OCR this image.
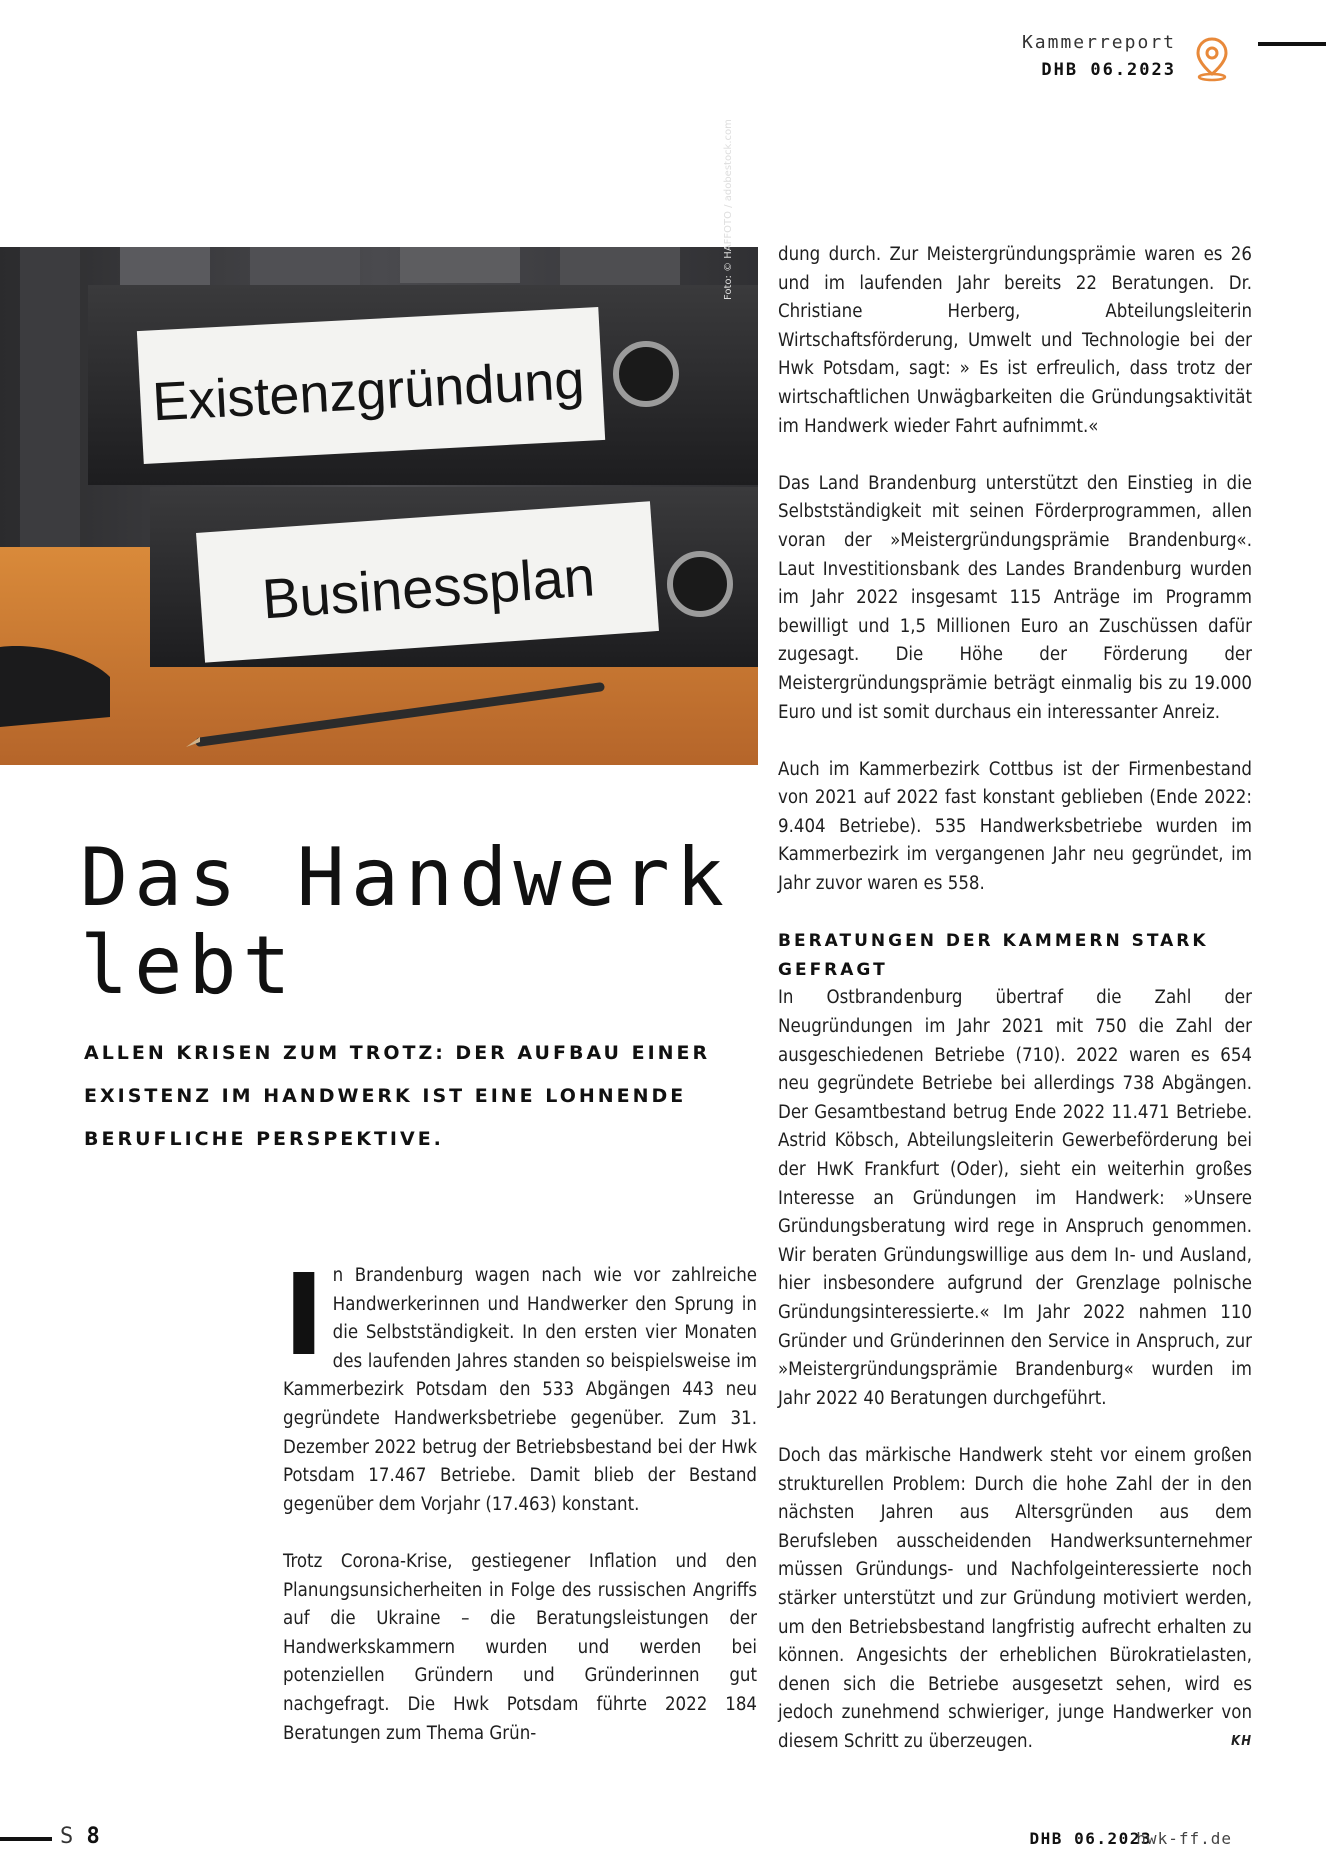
Kammerreport
DHB 06.2023
Existenzgründung
Businessplan
Foto: © HAFFOTO / adobestock.com
Das Handwerk
lebt
ALLEN KRISEN ZUM TROTZ: DER AUFBAU EINER EXISTENZ IM HANDWERK IST EINE LOHNENDE BERUFLICHE PERSPEKTIVE.

In Brandenburg wagen nach wie vor zahlreiche Handwerkerinnen und Handwerker den Sprung in die Selbstständigkeit. In den ersten vier Monaten des laufenden Jahres standen so beispielsweise im Kammerbezirk Potsdam den 533 Abgängen 443 neu gegründete Handwerksbetriebe gegenüber. Zum 31. Dezember 2022 betrug der Betriebsbestand bei der Hwk Potsdam 17.467 Betriebe. Damit blieb der Bestand gegenüber dem Vorjahr (17.463) konstant.

Trotz Corona-Krise, gestiegener Inflation und den Planungsunsicherheiten in Folge des russischen Angriffs auf die Ukraine – die Beratungsleistungen der Handwerkskammern wurden und werden bei potenziellen Gründern und Gründerinnen gut nachgefragt. Die Hwk Potsdam führte 2022 184 Beratungen zum Thema Grün-

dung durch. Zur Meistergründungsprämie waren es 26 und im laufenden Jahr bereits 22 Beratungen. Dr. Christiane Herberg, Abteilungsleiterin Wirtschaftsförderung, Umwelt und Technologie bei der Hwk Potsdam, sagt: » Es ist erfreulich, dass trotz der wirtschaftlichen Unwägbarkeiten die Gründungsaktivität im Handwerk wieder Fahrt aufnimmt.«

Das Land Brandenburg unterstützt den Einstieg in die Selbstständigkeit mit seinen Förderprogrammen, allen voran der »Meistergründungsprämie Brandenburg«. Laut Investitionsbank des Landes Brandenburg wurden im Jahr 2022 insgesamt 115 Anträge im Programm bewilligt und 1,5 Millionen Euro an Zuschüssen dafür zugesagt. Die Höhe der Förderung der Meistergründungsprämie beträgt einmalig bis zu 19.000 Euro und ist somit durchaus ein interessanter Anreiz.

Auch im Kammerbezirk Cottbus ist der Firmenbestand von 2021 auf 2022 fast konstant geblieben (Ende 2022: 9.404 Betriebe). 535 Handwerksbetriebe wurden im Kammerbezirk im vergangenen Jahr neu gegründet, im Jahr zuvor waren es 558.

BERATUNGEN DER KAMMERN STARK GEFRAGT
In Ostbrandenburg übertraf die Zahl der Neugründungen im Jahr 2021 mit 750 die Zahl der ausgeschiedenen Betriebe (710). 2022 waren es 654 neu gegründete Betriebe bei allerdings 738 Abgängen. Der Gesamtbestand betrug Ende 2022 11.471 Betriebe. Astrid Köbsch, Abteilungsleiterin Gewerbeförderung bei der HwK Frankfurt (Oder), sieht ein weiterhin großes Interesse an Gründungen im Handwerk: »Unsere Gründungsberatung wird rege in Anspruch genommen. Wir beraten Gründungswillige aus dem In- und Ausland, hier insbesondere aufgrund der Grenzlage polnische Gründungsinteressierte.« Im Jahr 2022 nahmen 110 Gründer und Gründerinnen den Service in Anspruch, zur »Meistergründungsprämie Brandenburg« wurden im Jahr 2022 40 Beratungen durchgeführt.

Doch das märkische Handwerk steht vor einem großen strukturellen Problem: Durch die hohe Zahl der in den nächsten Jahren aus Altersgründen aus dem Berufsleben ausscheidenden Handwerksunternehmer müssen Gründungs- und Nachfolgeinteressierte noch stärker unterstützt und zur Gründung motiviert werden, um den Betriebsbestand langfristig aufrecht erhalten zu können. Angesichts der erheblichen Bürokratielasten, denen sich die Betriebe ausgesetzt sehen, wird es jedoch zunehmend schwieriger, junge Handwerker von diesem Schritt zu überzeugen.	KH

S 8	DHB 06.2023
hwk-ff.de
